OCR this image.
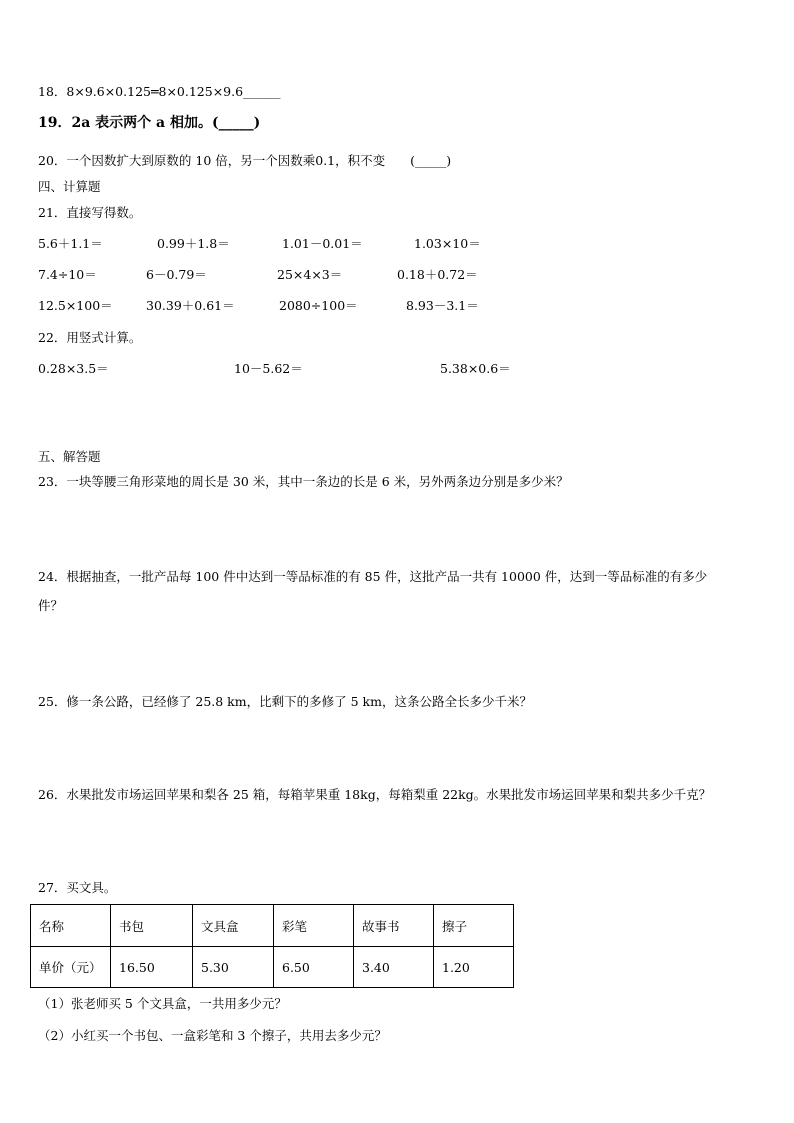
18．8×9.6×0.125═8×0.125×9.6______
19．2a 表示两个 a 相加。(_____)
20．一个因数扩大到原数的 10 倍，另一个因数乘0.1，积不变　　(_____)
四、计算题
21．直接写得数。
5.6＋1.1＝	0.99＋1.8＝	1.01－0.01＝	1.03×10＝
7.4÷10＝	6－0.79＝	25×4×3＝	0.18＋0.72＝
12.5×100＝	30.39＋0.61＝	2080÷100＝	8.93－3.1＝
22．用竖式计算。
0.28×3.5＝	10－5.62＝	5.38×0.6＝
五、解答题
23．一块等腰三角形菜地的周长是 30 米，其中一条边的长是 6 米，另外两条边分别是多少米？
24．根据抽查，一批产品每 100 件中达到一等品标准的有 85 件，这批产品一共有 10000 件，达到一等品标准的有多少
件？
25．修一条公路，已经修了 25.8 km，比剩下的多修了 5 km，这条公路全长多少千米？
26．水果批发市场运回苹果和梨各 25 箱，每箱苹果重 18kg，每箱梨重 22kg。水果批发市场运回苹果和梨共多少千克？
27．买文具。
名称	书包	文具盒	彩笔	故事书	擦子
单价（元）	16.50	5.30	6.50	3.40	1.20
（1）张老师买 5 个文具盒，一共用多少元？
（2）小红买一个书包、一盒彩笔和 3 个擦子，共用去多少元？
